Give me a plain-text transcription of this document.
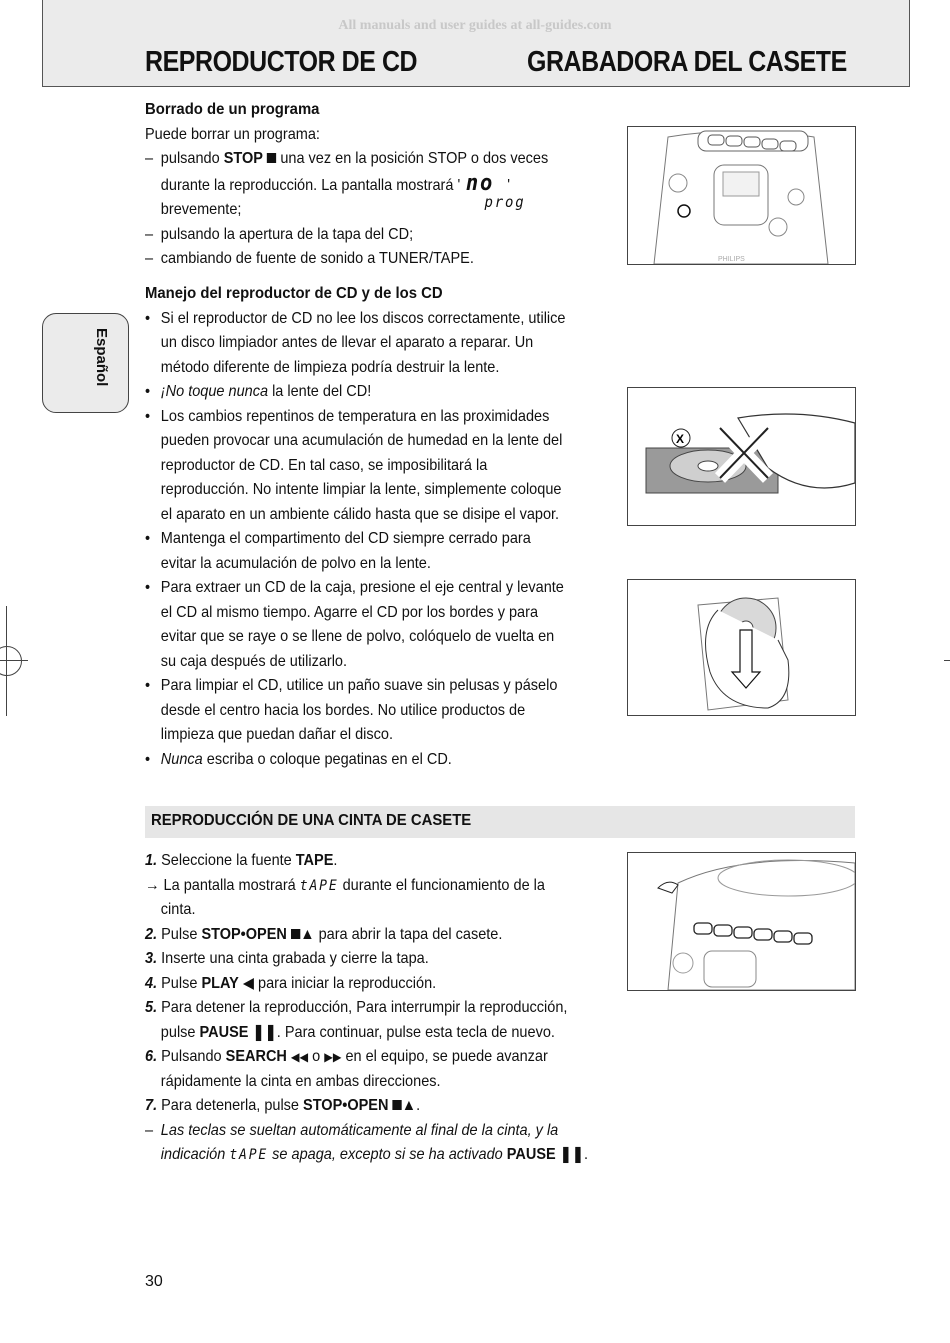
All manuals and user guides at all-guides.com
REPRODUCTOR DE CD	GRABADORA DEL CASETE
Español
Borrado de un programa
Puede borrar un programa:
– pulsando STOP  una vez en la posición STOP o dos veces
durante la reproducción. La pantalla mostrará ' no '
brevemente;	prog
– pulsando la apertura de la tapa del CD;
– cambiando de fuente de sonido a TUNER/TAPE.
Manejo del reproductor de CD y de los CD
• Si el reproductor de CD no lee los discos correctamente, utilice
un disco limpiador antes de llevar el aparato a reparar. Un
método diferente de limpieza podría destruir la lente.
• ¡No toque nunca la lente del CD!
• Los cambios repentinos de temperatura en las proximidades
pueden provocar una acumulación de humedad en la lente del
reproductor de CD. En tal caso, se imposibilitará la
reproducción. No intente limpiar la lente, simplemente coloque
el aparato en un ambiente cálido hasta que se disipe el vapor.
• Mantenga el compartimento del CD siempre cerrado para
evitar la acumulación de polvo en la lente.
• Para extraer un CD de la caja, presione el eje central y levante
el CD al mismo tiempo. Agarre el CD por los bordes y para
evitar que se raye o se llene de polvo, colóquelo de vuelta en
su caja después de utilizarlo.
• Para limpiar el CD, utilice un paño suave sin pelusas y páselo
desde el centro hacia los bordes. No utilice productos de
limpieza que puedan dañar el disco.
• Nunca escriba o coloque pegatinas en el CD.
REPRODUCCIÓN DE UNA CINTA DE CASETE
1. Seleccione la fuente TAPE.
→ La pantalla mostrará tAPE durante el funcionamiento de la
cinta.
2. Pulse STOP•OPEN ▲ para abrir la tapa del casete.
3. Inserte una cinta grabada y cierre la tapa.
4. Pulse PLAY ◀ para iniciar la reproducción.
5. Para detener la reproducción, Para interrumpir la reproducción,
pulse PAUSE ❚❚. Para continuar, pulse esta tecla de nuevo.
6. Pulsando SEARCH ◀◀ o ▶▶ en el equipo, se puede avanzar
rápidamente la cinta en ambas direcciones.
7. Para detenerla, pulse STOP•OPEN ▲.
– Las teclas se sueltan automáticamente al final de la cinta, y la
indicación tAPE se apaga, excepto si se ha activado PAUSE ❚❚.
PHILIPS
X
30
